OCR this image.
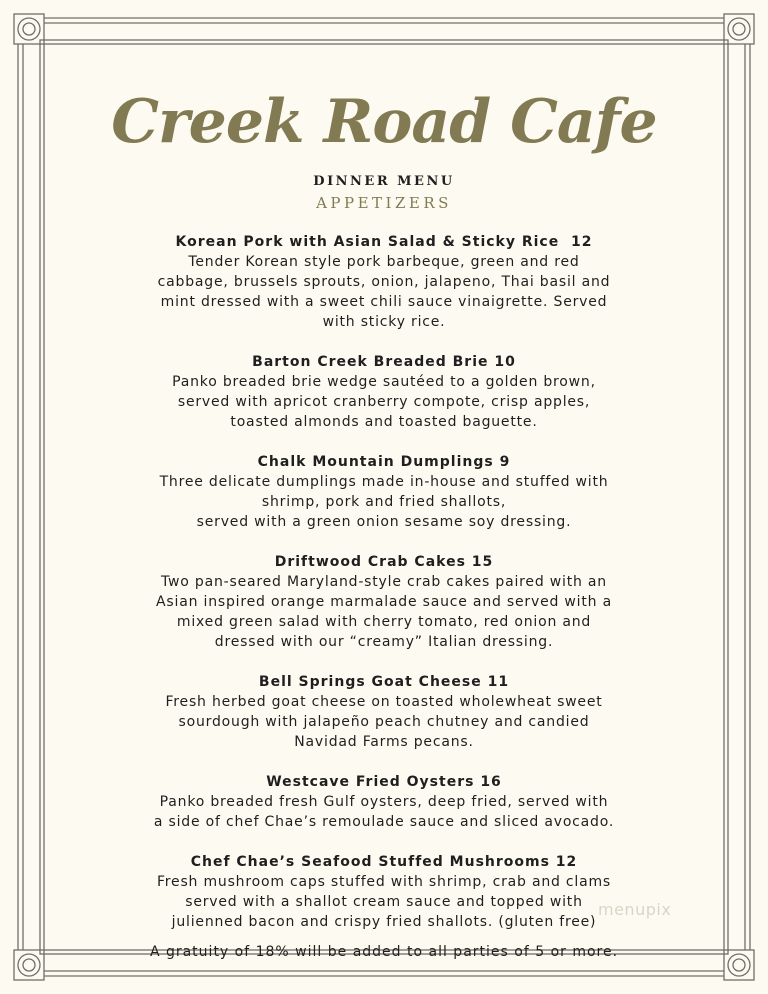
Creek Road Cafe
DINNER MENU
APPETIZERS
Korean Pork with Asian Salad & Sticky Rice  12
Tender Korean style pork barbeque, green and red
cabbage, brussels sprouts, onion, jalapeno, Thai basil and
mint dressed with a sweet chili sauce vinaigrette. Served
with sticky rice.
Barton Creek Breaded Brie 10
Panko breaded brie wedge sautéed to a golden brown,
served with apricot cranberry compote, crisp apples,
toasted almonds and toasted baguette.
Chalk Mountain Dumplings 9
Three delicate dumplings made in-house and stuffed with
shrimp, pork and fried shallots,
served with a green onion sesame soy dressing.
Driftwood Crab Cakes 15
Two pan-seared Maryland-style crab cakes paired with an
Asian inspired orange marmalade sauce and served with a
mixed green salad with cherry tomato, red onion and
dressed with our “creamy” Italian dressing.
Bell Springs Goat Cheese 11
Fresh herbed goat cheese on toasted wholewheat sweet
sourdough with jalapeño peach chutney and candied
Navidad Farms pecans.
Westcave Fried Oysters 16
Panko breaded fresh Gulf oysters, deep fried, served with
a side of chef Chae’s remoulade sauce and sliced avocado.
Chef Chae’s Seafood Stuffed Mushrooms 12
Fresh mushroom caps stuffed with shrimp, crab and clams
served with a shallot cream sauce and topped with
julienned bacon and crispy fried shallots. (gluten free)
A gratuity of 18% will be added to all parties of 5 or more.
menupix
